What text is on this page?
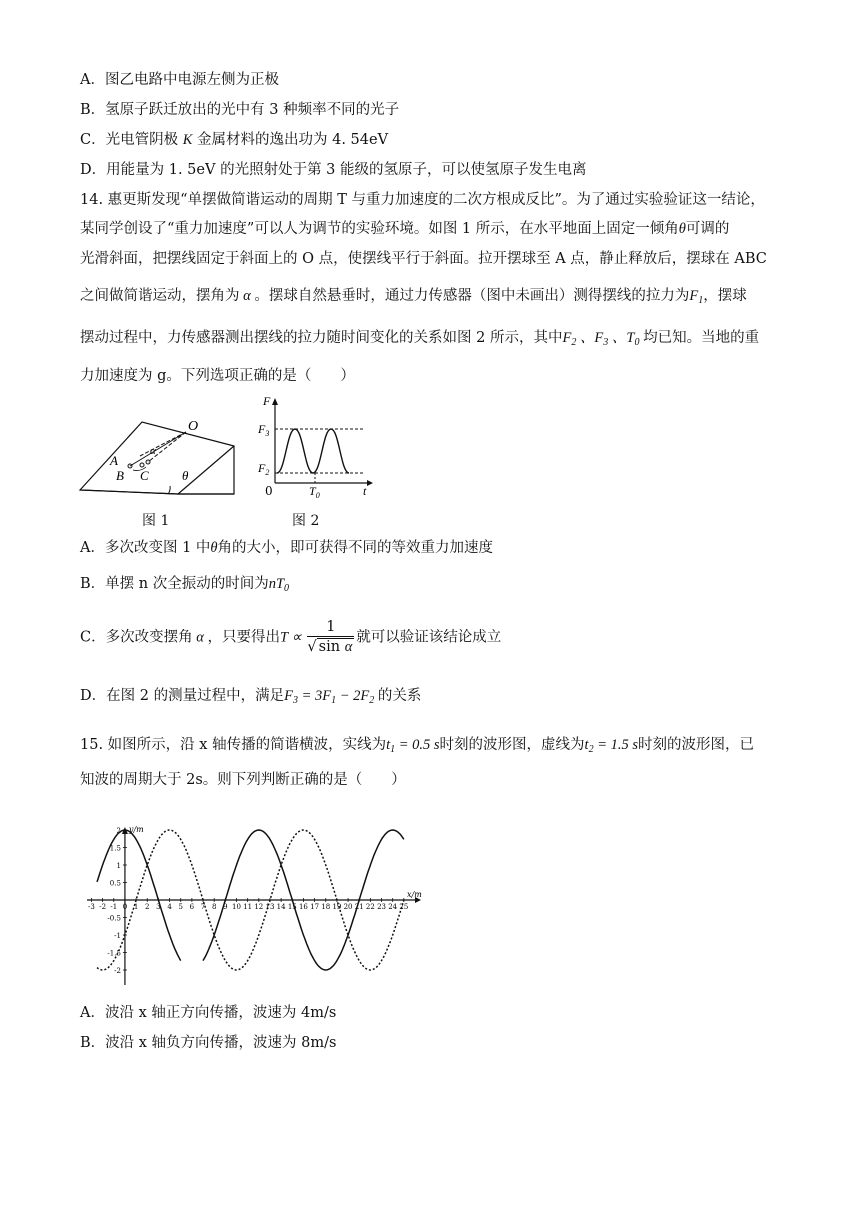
A．图乙电路中电源左侧为正极
B．氢原子跃迁放出的光中有 3 种频率不同的光子
C．光电管阴极 K 金属材料的逸出功为 4. 54eV
D．用能量为 1. 5eV 的光照射处于第 3 能级的氢原子，可以使氢原子发生电离
14. 惠更斯发现“单摆做简谐运动的周期 T 与重力加速度的二次方根成反比”。为了通过实验验证这一结论，
某同学创设了“重力加速度”可以人为调节的实验环境。如图 1 所示，在水平地面上固定一倾角θ可调的
光滑斜面，把摆线固定于斜面上的 O 点，使摆线平行于斜面。拉开摆球至 A 点，静止释放后，摆球在 ABC
之间做简谐运动，摆角为 α 。摆球自然悬垂时，通过力传感器（图中未画出）测得摆线的拉力为$F_1$，摆球
摆动过程中，力传感器测出摆线的拉力随时间变化的关系如图 2 所示，其中$F_2$ 、$F_3$ 、$T_0$ 均已知。当地的重
力加速度为 g。下列选项正确的是（　　）
O
A
B C
α
θ
F
$F_3$
$F_2$
0	$T_0$	t
图 1	图 2
A．多次改变图 1 中θ角的大小，即可获得不同的等效重力加速度
B．单摆 n 次全振动的时间为$nT_0$
C．多次改变摆角 α ，只要得出$T \propto \frac{1}{\text{√ sin α}}$ 就可以验证该结论成立
D．在图 2 的测量过程中，满足$F_3 = 3F_1 - 2F_2$ 的关系
15. 如图所示，沿 x 轴传播的简谐横波，实线为$t_1 = 0.5$ s时刻的波形图，虚线为$t_2 = 1.5$ s时刻的波形图，已
知波的周期大于 2s。则下列判断正确的是（　　）
y/m
x/m
-3 -2 -1 0 1 2 3 4 5 6 7 8 9 10 11 12 13 14 15 16 17 18 19 20 21 22 23 24 25
2
1.5
1
0.5
-0.5
-1
-1.5
-2
A．波沿 x 轴正方向传播，波速为 4m/s
B．波沿 x 轴负方向传播，波速为 8m/s
